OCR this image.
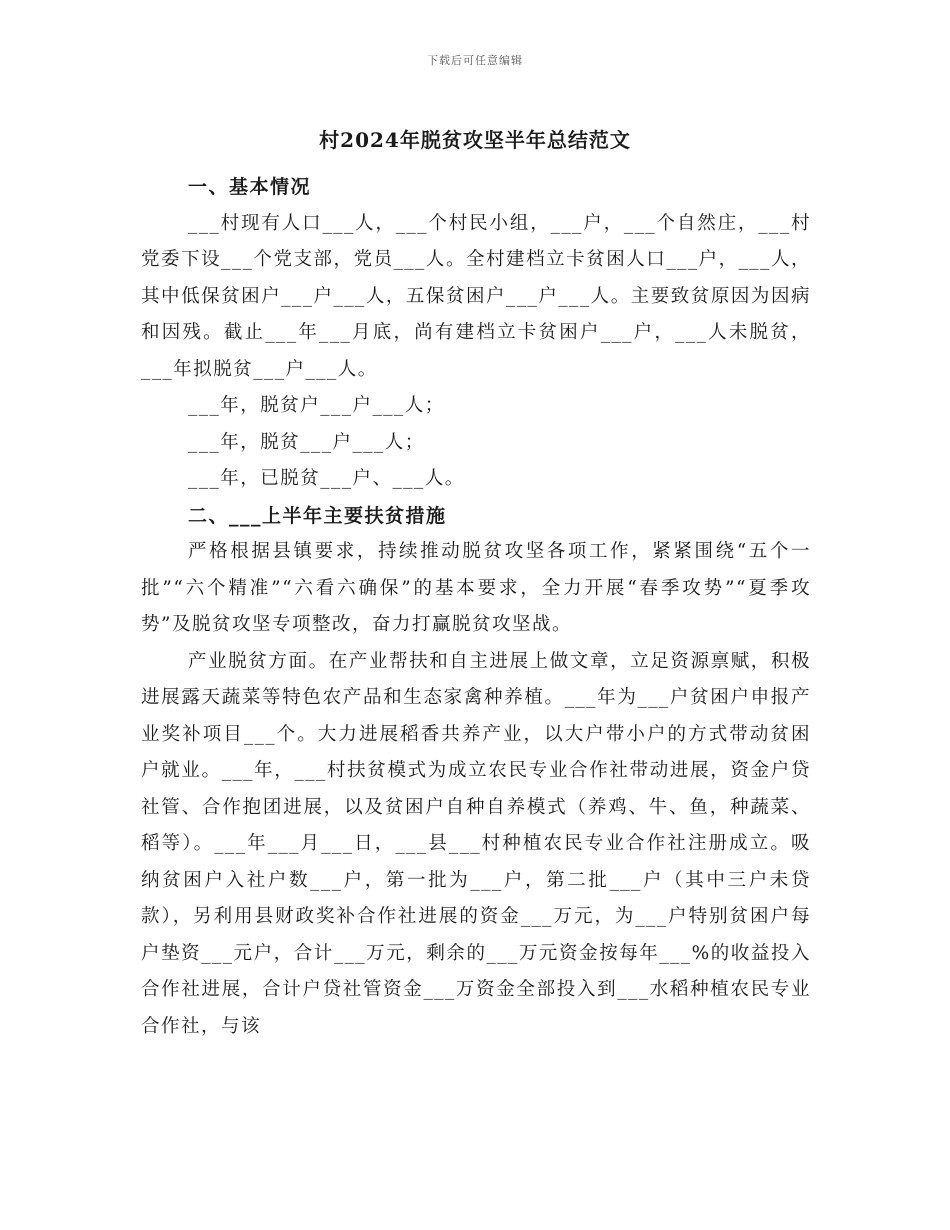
下载后可任意编辑
村2024年脱贫攻坚半年总结范文

一、基本情况

___村现有人口___人，___个村民小组，___户，___个自然庄，___村党委下设___个党支部，党员___人。全村建档立卡贫困人口___户，___人，其中低保贫困户___户___人，五保贫困户___户___人。主要致贫原因为因病和因残。截止___年___月底，尚有建档立卡贫困户___户，___人未脱贫，___年拟脱贫___户___人。

___年，脱贫户___户___人；

___年，脱贫___户___人；

___年，已脱贫___户、___人。

二、___上半年主要扶贫措施

严格根据县镇要求，持续推动脱贫攻坚各项工作，紧紧围绕“五个一批”“六个精准”“六看六确保”的基本要求，全力开展“春季攻势”“夏季攻势”及脱贫攻坚专项整改，奋力打赢脱贫攻坚战。

产业脱贫方面。在产业帮扶和自主进展上做文章，立足资源禀赋，积极进展露天蔬菜等特色农产品和生态家禽种养植。___年为___户贫困户申报产业奖补项目___个。大力进展稻香共养产业，以大户带小户的方式带动贫困户就业。___年，___村扶贫模式为成立农民专业合作社带动进展，资金户贷社管、合作抱团进展，以及贫困户自种自养模式（养鸡、牛、鱼，种蔬菜、稻等）。___年___月___日，___县___村种植农民专业合作社注册成立。吸纳贫困户入社户数___户，第一批为___户，第二批___户（其中三户未贷款），另利用县财政奖补合作社进展的资金___万元，为___户特别贫困户每户垫资___元户，合计___万元，剩余的___万元资金按每年___%的收益投入合作社进展，合计户贷社管资金___万资金全部投入到___水稻种植农民专业合作社，与该
